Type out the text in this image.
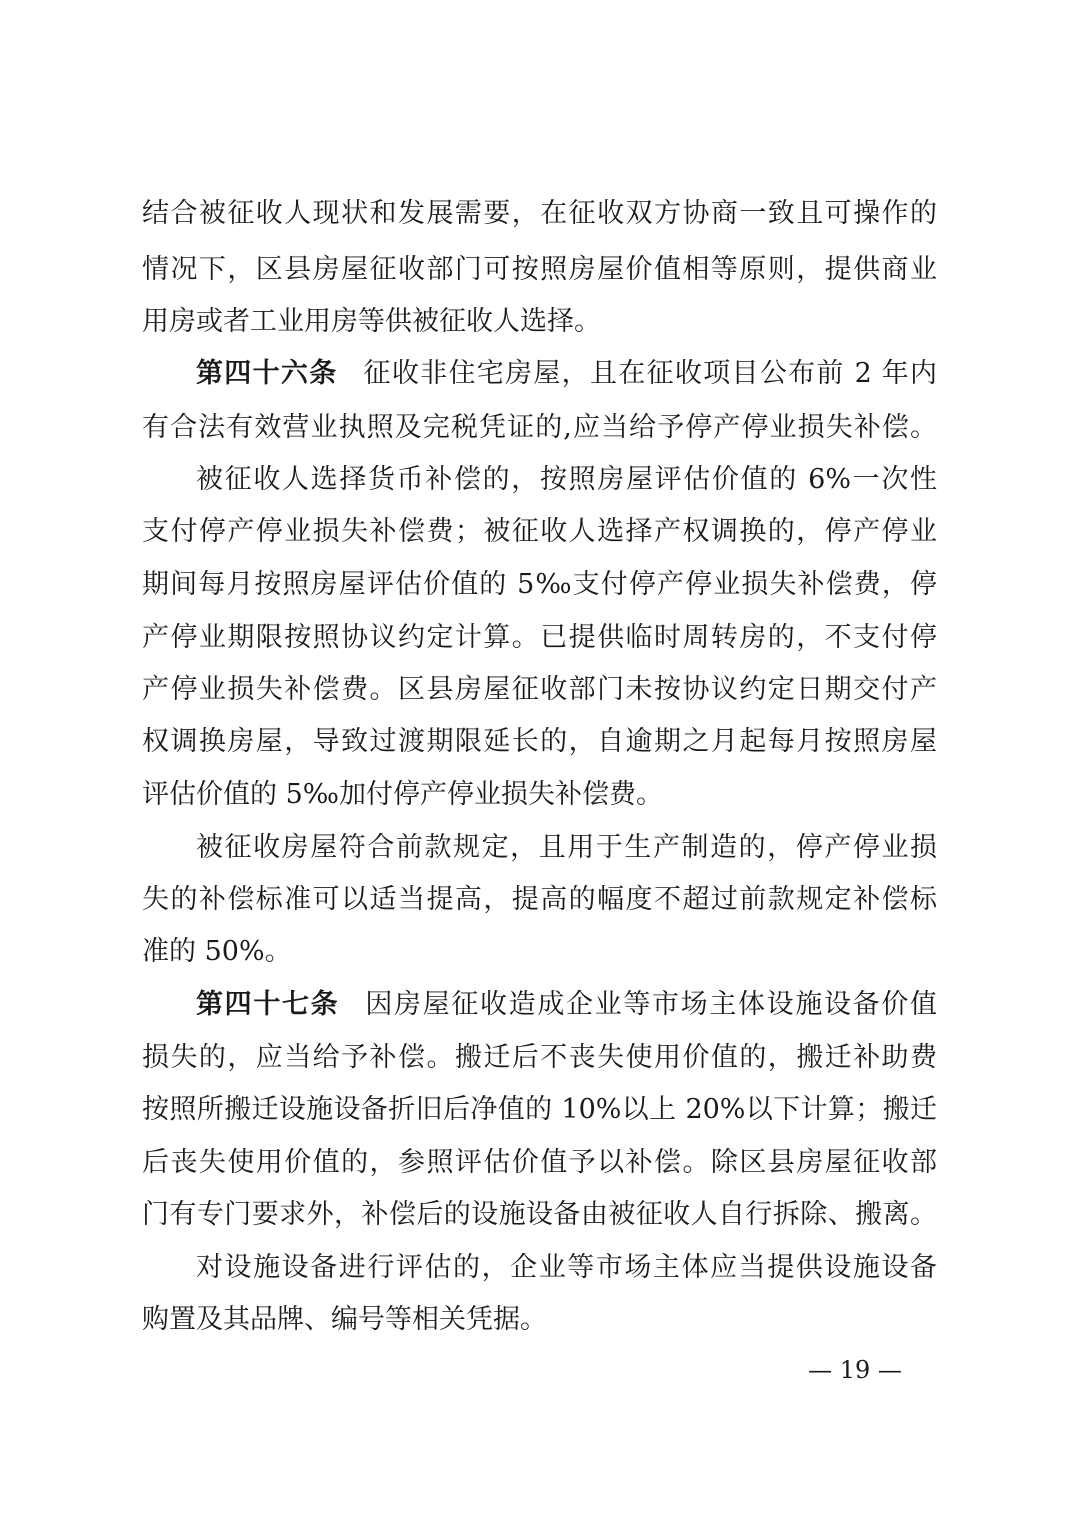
结合被征收人现状和发展需要，在征收双方协商一致且可操作的
情况下，区县房屋征收部门可按照房屋价值相等原则，提供商业
用房或者工业用房等供被征收人选择。
第四十六条 征收非住宅房屋，且在征收项目公布前 2 年内
有合法有效营业执照及完税凭证的,应当给予停产停业损失补偿。
被征收人选择货币补偿的，按照房屋评估价值的 6%一次性
支付停产停业损失补偿费；被征收人选择产权调换的，停产停业
期间每月按照房屋评估价值的 5‰支付停产停业损失补偿费，停
产停业期限按照协议约定计算。已提供临时周转房的，不支付停
产停业损失补偿费。区县房屋征收部门未按协议约定日期交付产
权调换房屋，导致过渡期限延长的，自逾期之月起每月按照房屋
评估价值的 5‰加付停产停业损失补偿费。
被征收房屋符合前款规定，且用于生产制造的，停产停业损
失的补偿标准可以适当提高，提高的幅度不超过前款规定补偿标
准的 50%。
第四十七条 因房屋征收造成企业等市场主体设施设备价值
损失的，应当给予补偿。搬迁后不丧失使用价值的，搬迁补助费
按照所搬迁设施设备折旧后净值的 10%以上 20%以下计算；搬迁
后丧失使用价值的，参照评估价值予以补偿。除区县房屋征收部
门有专门要求外，补偿后的设施设备由被征收人自行拆除、搬离。
对设施设备进行评估的，企业等市场主体应当提供设施设备
购置及其品牌、编号等相关凭据。
— 19 —
